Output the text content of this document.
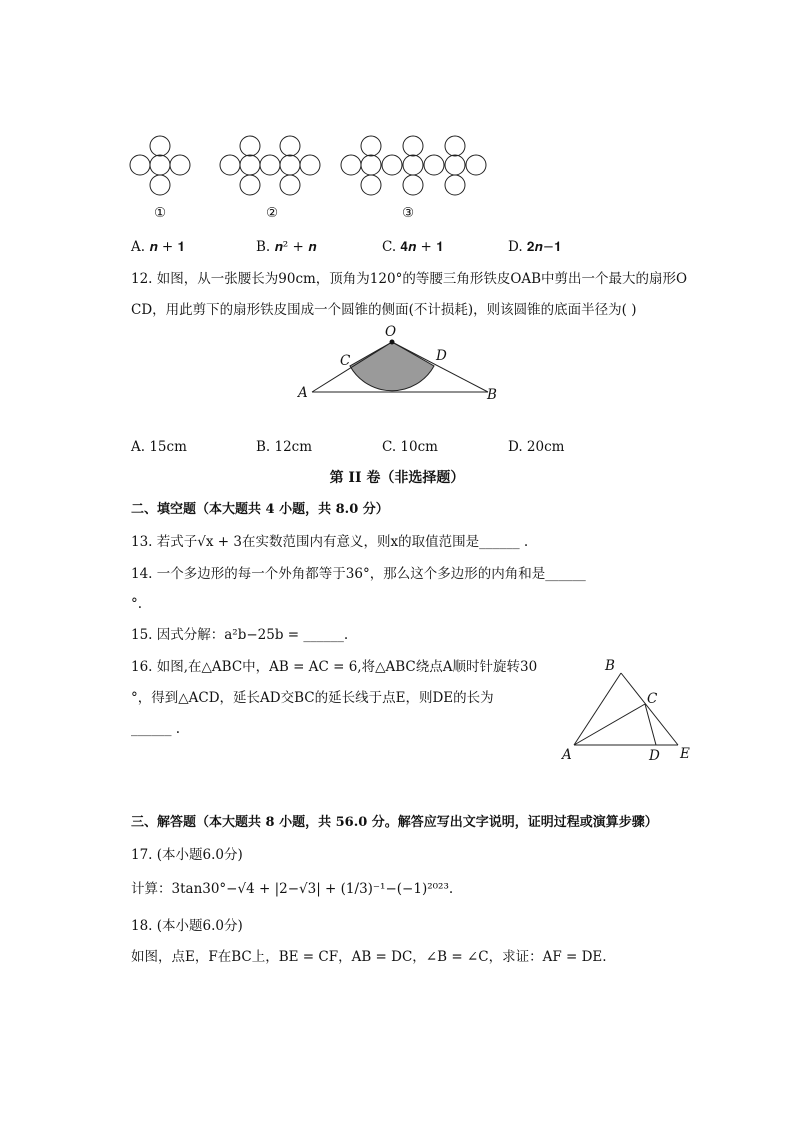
①	②	③
A. 𝒏 + 𝟏	B. 𝒏² + 𝒏	C. 𝟒𝒏 + 𝟏	D. 𝟐𝒏−𝟏
12. 如图，从一张腰长为90cm，顶角为120°的等腰三角形铁皮OAB中剪出一个最大的扇形O
CD，用此剪下的扇形铁皮围成一个圆锥的侧面(不计损耗)，则该圆锥的底面半径为( )
O
C	D
A	B
A. 15cm	B. 12cm	C. 10cm	D. 20cm
第 II 卷（非选择题）
二、填空题（本大题共 4 小题，共 8.0 分）
13. 若式子√x + 3在实数范围内有意义，则x的取值范围是______ .
14. 一个多边形的每一个外角都等于36°，那么这个多边形的内角和是______
°.
15. 因式分解：a²b−25b = ______.
16. 如图,在△ABC中，AB = AC = 6,将△ABC绕点A顺时针旋转30
°，得到△ACD，延长AD交BC的延长线于点E，则DE的长为
______ .
B
C
A	D E
三、解答题（本大题共 8 小题，共 56.0 分。解答应写出文字说明，证明过程或演算步骤）
17. (本小题6.0分)
计算：3tan30°−√4 + |2−√3| + (1/3)⁻¹−(−1)²⁰²³.
18. (本小题6.0分)
如图，点E，F在BC上，BE = CF，AB = DC，∠B = ∠C，求证：AF = DE.
